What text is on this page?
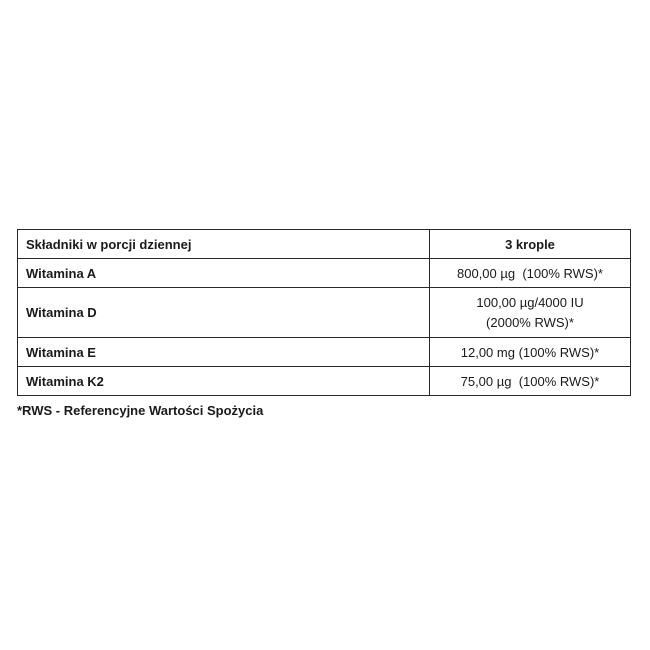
Składniki w porcji dziennej	3 krople
Witamina A	800,00 µg  (100% RWS)*
Witamina D	100,00 µg/4000 IU
(2000% RWS)*
Witamina E	12,00 mg (100% RWS)*
Witamina K2	75,00 µg  (100% RWS)*
*RWS - Referencyjne Wartości Spożycia
